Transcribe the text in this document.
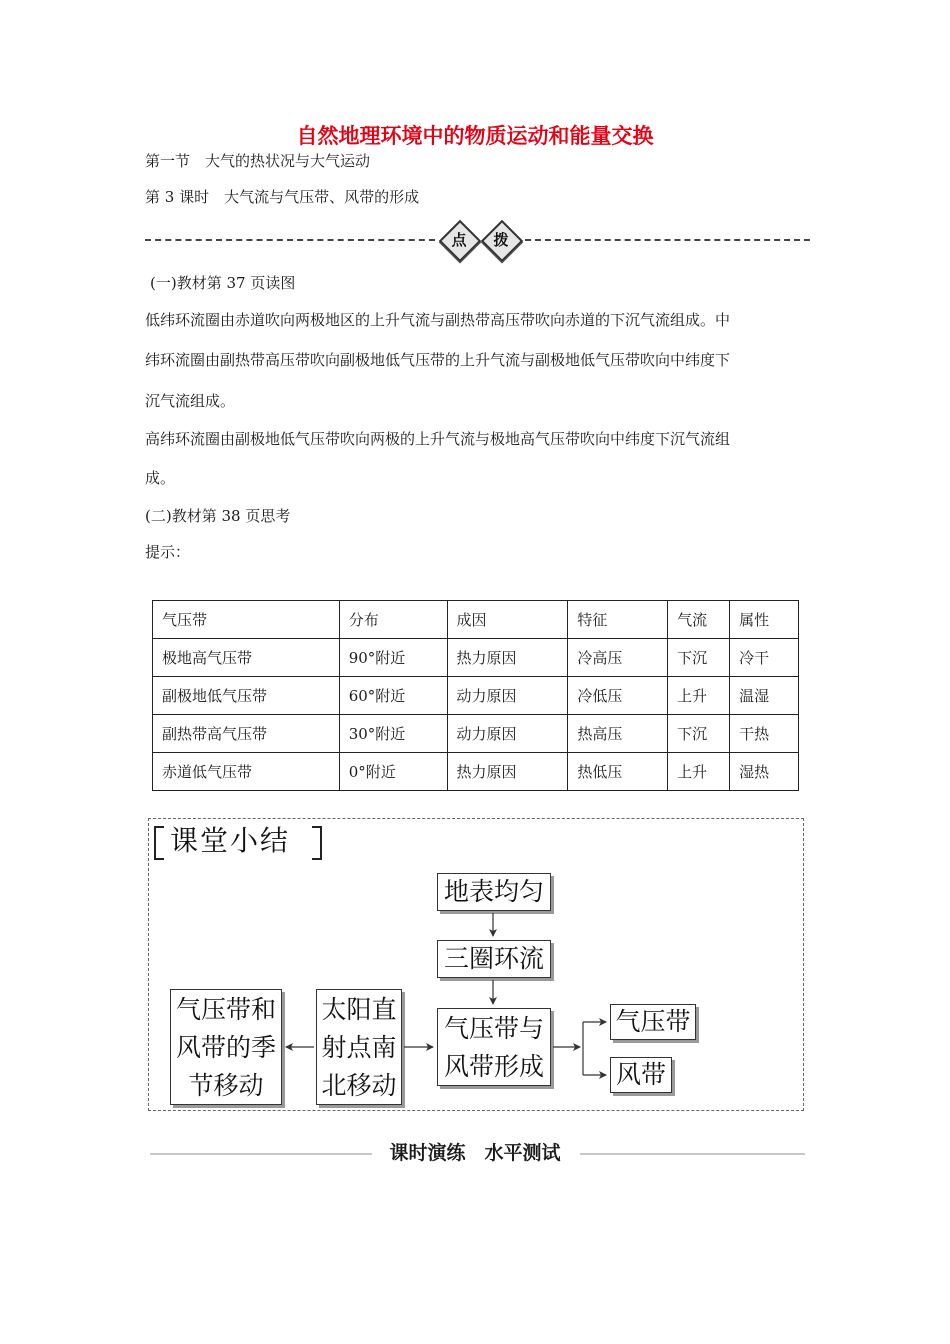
自然地理环境中的物质运动和能量交换
第一节　大气的热状况与大气运动
第 3 课时　大气流与气压带、风带的形成
点	拨
(一)教材第 37 页读图
低纬环流圈由赤道吹向两极地区的上升气流与副热带高压带吹向赤道的下沉气流组成。中
纬环流圈由副热带高压带吹向副极地低气压带的上升气流与副极地低气压带吹向中纬度下
沉气流组成。
高纬环流圈由副极地低气压带吹向两极的上升气流与极地高气压带吹向中纬度下沉气流组
成。
(二)教材第 38 页思考
提示：
气压带	分布	成因	特征	气流	属性
极地高气压带	90°附近	热力原因	冷高压	下沉	冷干
副极地低气压带	60°附近	动力原因	冷低压	上升	温湿
副热带高气压带	30°附近	动力原因	热高压	下沉	干热
赤道低气压带	0°附近	热力原因	热低压	上升	湿热
课堂小结
地表均匀
三圈环流
气压带与
风带形成
太阳直
射点南
北移动
气压带和
风带的季
节移动
气压带
风带
课时演练　水平测试
